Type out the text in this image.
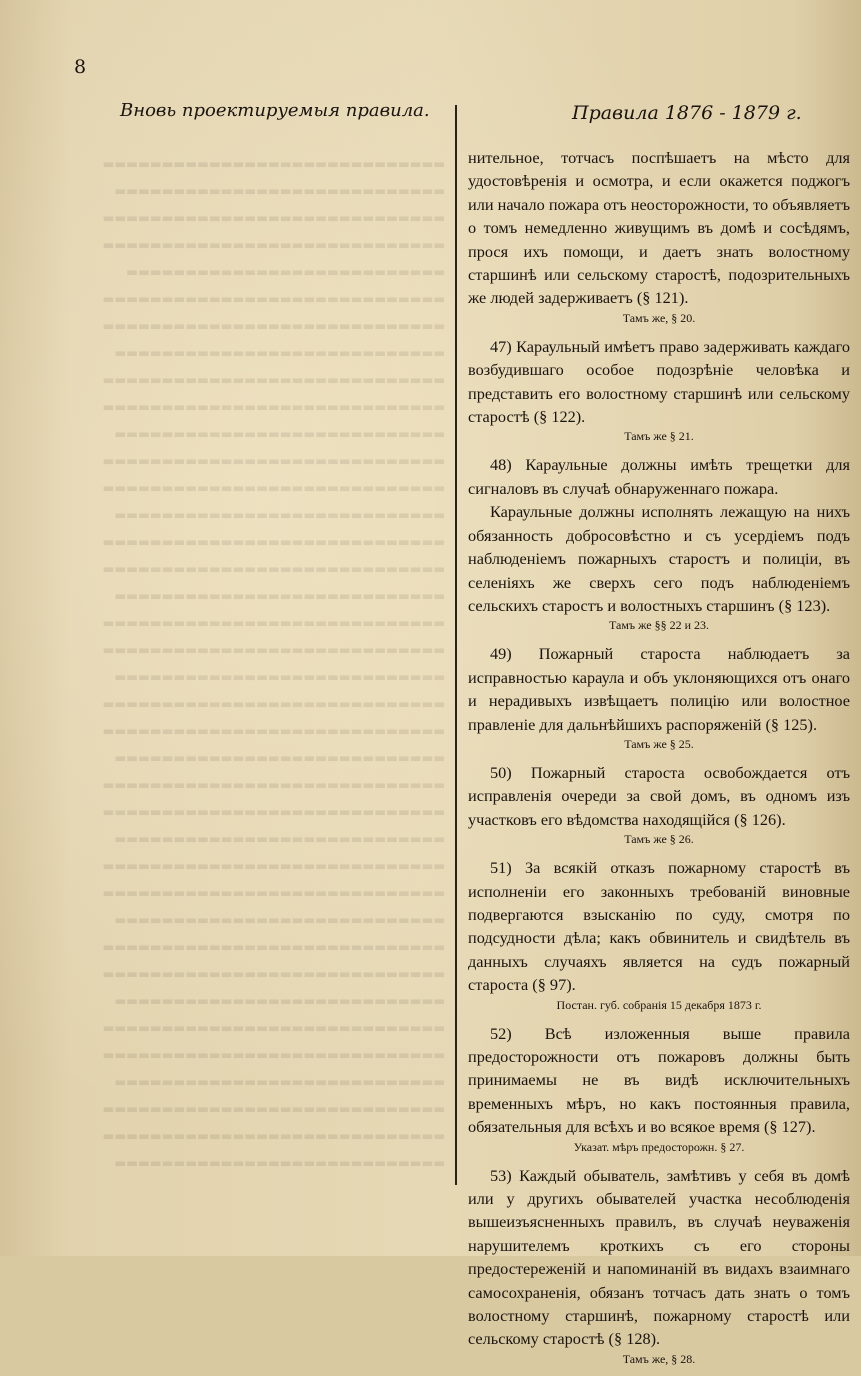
▬▬▬▬▬▬▬▬▬▬▬▬▬▬▬▬▬▬▬▬▬▬▬▬▬▬▬▬▬
▬▬▬▬▬▬▬▬▬▬▬▬▬▬▬▬▬▬▬▬▬▬▬▬▬▬▬▬
▬▬▬▬▬▬▬▬▬▬▬▬▬▬▬▬▬▬▬▬▬▬▬▬▬▬▬▬▬
▬▬▬▬▬▬▬▬▬▬▬▬▬▬▬▬▬▬▬▬▬▬▬▬▬▬▬▬▬
▬▬▬▬▬▬▬▬▬▬▬▬▬▬▬▬▬▬▬▬▬▬▬▬▬▬▬
▬▬▬▬▬▬▬▬▬▬▬▬▬▬▬▬▬▬▬▬▬▬▬▬▬▬▬▬▬
▬▬▬▬▬▬▬▬▬▬▬▬▬▬▬▬▬▬▬▬▬▬▬▬▬▬▬▬▬
▬▬▬▬▬▬▬▬▬▬▬▬▬▬▬▬▬▬▬▬▬▬▬▬▬▬▬▬
▬▬▬▬▬▬▬▬▬▬▬▬▬▬▬▬▬▬▬▬▬▬▬▬▬▬▬▬▬
▬▬▬▬▬▬▬▬▬▬▬▬▬▬▬▬▬▬▬▬▬▬▬▬▬▬▬▬▬
▬▬▬▬▬▬▬▬▬▬▬▬▬▬▬▬▬▬▬▬▬▬▬▬▬▬▬▬
▬▬▬▬▬▬▬▬▬▬▬▬▬▬▬▬▬▬▬▬▬▬▬▬▬▬▬▬▬
▬▬▬▬▬▬▬▬▬▬▬▬▬▬▬▬▬▬▬▬▬▬▬▬▬▬▬▬▬
▬▬▬▬▬▬▬▬▬▬▬▬▬▬▬▬▬▬▬▬▬▬▬▬▬▬▬▬
▬▬▬▬▬▬▬▬▬▬▬▬▬▬▬▬▬▬▬▬▬▬▬▬▬▬▬▬▬
▬▬▬▬▬▬▬▬▬▬▬▬▬▬▬▬▬▬▬▬▬▬▬▬▬▬▬▬▬
▬▬▬▬▬▬▬▬▬▬▬▬▬▬▬▬▬▬▬▬▬▬▬▬▬▬▬▬
▬▬▬▬▬▬▬▬▬▬▬▬▬▬▬▬▬▬▬▬▬▬▬▬▬▬▬▬▬
▬▬▬▬▬▬▬▬▬▬▬▬▬▬▬▬▬▬▬▬▬▬▬▬▬▬▬▬▬
▬▬▬▬▬▬▬▬▬▬▬▬▬▬▬▬▬▬▬▬▬▬▬▬▬▬▬▬
▬▬▬▬▬▬▬▬▬▬▬▬▬▬▬▬▬▬▬▬▬▬▬▬▬▬▬▬▬
▬▬▬▬▬▬▬▬▬▬▬▬▬▬▬▬▬▬▬▬▬▬▬▬▬▬▬▬▬
▬▬▬▬▬▬▬▬▬▬▬▬▬▬▬▬▬▬▬▬▬▬▬▬▬▬▬▬
▬▬▬▬▬▬▬▬▬▬▬▬▬▬▬▬▬▬▬▬▬▬▬▬▬▬▬▬▬
▬▬▬▬▬▬▬▬▬▬▬▬▬▬▬▬▬▬▬▬▬▬▬▬▬▬▬▬▬
▬▬▬▬▬▬▬▬▬▬▬▬▬▬▬▬▬▬▬▬▬▬▬▬▬▬▬▬
▬▬▬▬▬▬▬▬▬▬▬▬▬▬▬▬▬▬▬▬▬▬▬▬▬▬▬▬▬
▬▬▬▬▬▬▬▬▬▬▬▬▬▬▬▬▬▬▬▬▬▬▬▬▬▬▬▬▬
▬▬▬▬▬▬▬▬▬▬▬▬▬▬▬▬▬▬▬▬▬▬▬▬▬▬▬▬
▬▬▬▬▬▬▬▬▬▬▬▬▬▬▬▬▬▬▬▬▬▬▬▬▬▬▬▬▬
▬▬▬▬▬▬▬▬▬▬▬▬▬▬▬▬▬▬▬▬▬▬▬▬▬▬▬▬▬
▬▬▬▬▬▬▬▬▬▬▬▬▬▬▬▬▬▬▬▬▬▬▬▬▬▬▬▬
▬▬▬▬▬▬▬▬▬▬▬▬▬▬▬▬▬▬▬▬▬▬▬▬▬▬▬▬▬
▬▬▬▬▬▬▬▬▬▬▬▬▬▬▬▬▬▬▬▬▬▬▬▬▬▬▬▬▬
▬▬▬▬▬▬▬▬▬▬▬▬▬▬▬▬▬▬▬▬▬▬▬▬▬▬▬▬
▬▬▬▬▬▬▬▬▬▬▬▬▬▬▬▬▬▬▬▬▬▬▬▬▬▬▬▬▬
▬▬▬▬▬▬▬▬▬▬▬▬▬▬▬▬▬▬▬▬▬▬▬▬▬▬▬▬▬
▬▬▬▬▬▬▬▬▬▬▬▬▬▬▬▬▬▬▬▬▬▬▬▬▬▬▬▬
8
Вновь проектируемыя правила.	Правила 1876 - 1879 г.

нительное, тотчасъ поспѣшаетъ на мѣсто для удостовѣренія и осмотра, и если окажется поджогъ или начало пожара отъ неосторожности, то объявляетъ о томъ немедленно живущимъ въ домѣ и сосѣдямъ, прося ихъ помощи, и даетъ знать волостному старшинѣ или сельскому старостѣ, подозрительныхъ же людей задерживаетъ (§ 121).

Тамъ же, § 20.

47) Караульный имѣетъ право задерживать каждаго возбудившаго особое подозрѣніе человѣка и представить его волостному старшинѣ или сельскому старостѣ (§ 122).

Тамъ же § 21.

48) Караульные должны имѣть трещетки для сигналовъ въ случаѣ обнаруженнаго пожара.

Караульные должны исполнять лежащую на нихъ обязанность добросовѣстно и съ усердіемъ подъ наблюденіемъ пожарныхъ старостъ и полиціи, въ селеніяхъ же сверхъ сего подъ наблюденіемъ сельскихъ старостъ и волостныхъ старшинъ (§ 123).

Тамъ же §§ 22 и 23.

49) Пожарный староста наблюдаетъ за исправностью караула и объ уклоняющихся отъ онаго и нерадивыхъ извѣщаетъ полицію или волостное правленіе для дальнѣйшихъ распоряженій (§ 125).

Тамъ же § 25.

50) Пожарный староста освобождается отъ исправленія очереди за свой домъ, въ одномъ изъ участковъ его вѣдомства находящійся (§ 126).

Тамъ же § 26.

51) За всякій отказъ пожарному старостѣ въ исполненіи его законныхъ требованій виновные подвергаются взысканію по суду, смотря по подсудности дѣла; какъ обвинитель и свидѣтель въ данныхъ случаяхъ является на судъ пожарный староста (§ 97).

Постан. губ. собранія 15 декабря 1873 г.

52) Всѣ изложенныя выше правила предосторожности отъ пожаровъ должны быть принимаемы не въ видѣ исключительныхъ временныхъ мѣръ, но какъ постоянныя правила, обязательныя для всѣхъ и во всякое время (§ 127).

Указат. мѣръ предосторожн. § 27.

53) Каждый обыватель, замѣтивъ у себя въ домѣ или у другихъ обывателей участка несоблюденія вышеизъясненныхъ правилъ, въ случаѣ неуваженія нарушителемъ кроткихъ съ его стороны предостереженій и напоминаній въ видахъ взаимнаго самосохраненія, обязанъ тотчасъ дать знать о томъ волостному старшинѣ, пожарному старостѣ или сельскому старостѣ (§ 128).

Тамъ же, § 28.
